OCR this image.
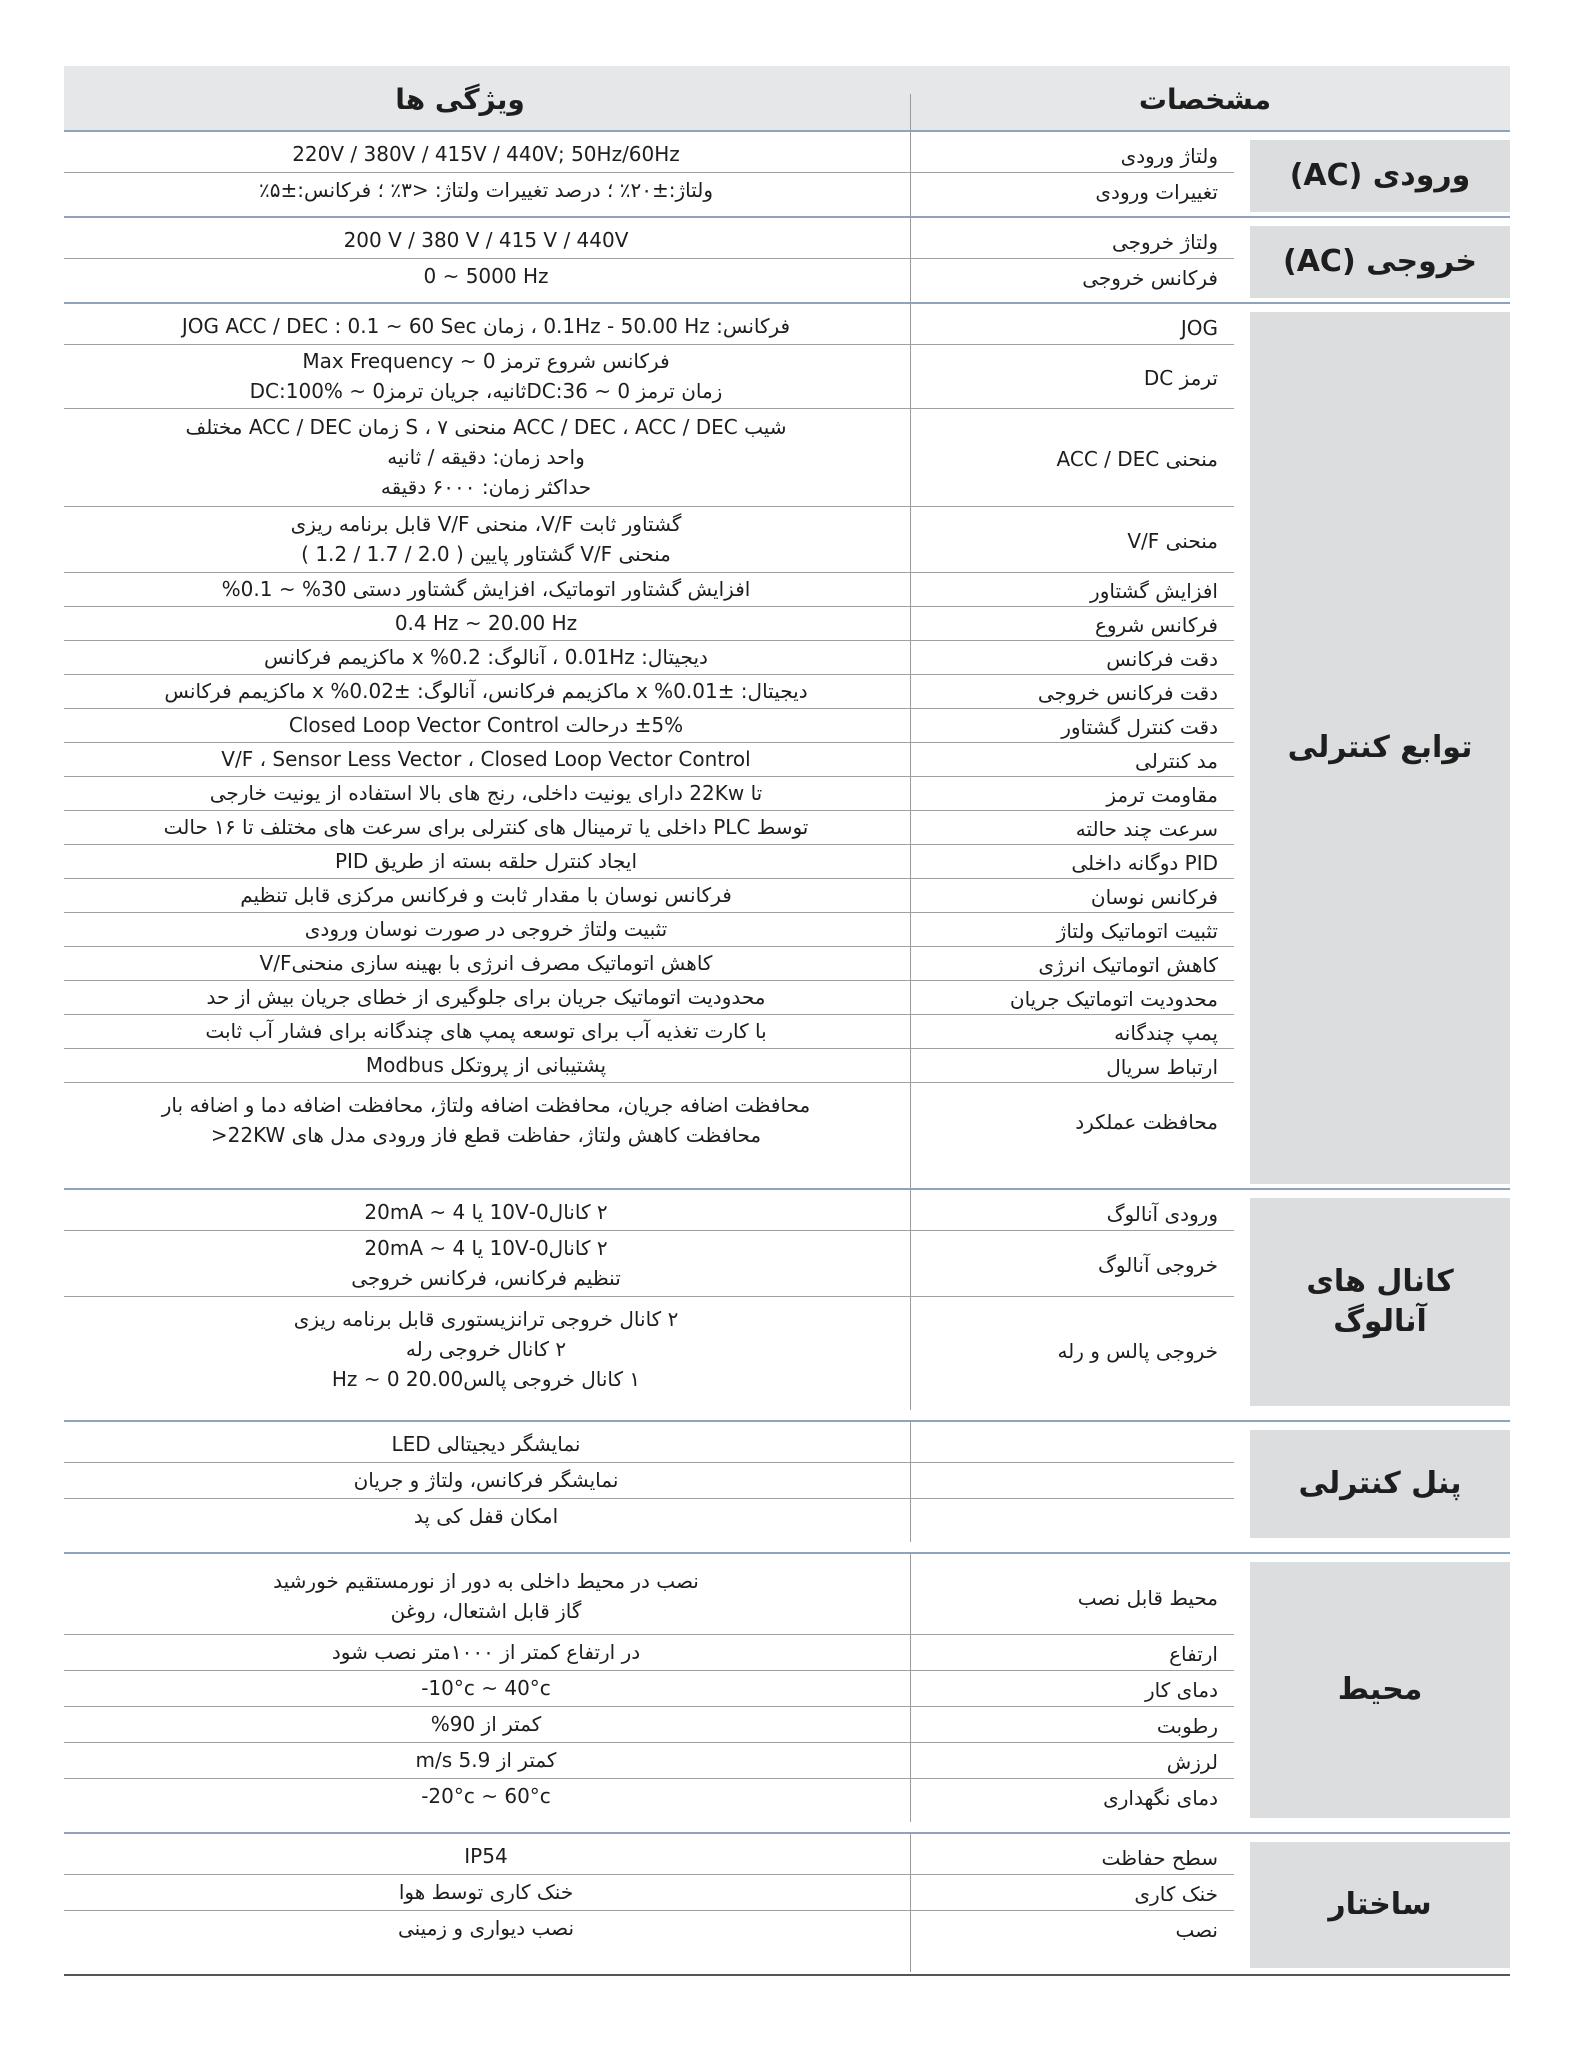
مشخصات
ویژگی ها
ورودی (AC)
ولتاژ ورودی
220V / 380V / 415V / 440V; 50Hz/60Hz
تغییرات ورودی
ولتاژ:±۲۰٪ ؛ درصد تغییرات ولتاژ: <۳٪ ؛ فرکانس:±۵٪
خروجی (AC)
ولتاژ خروجی
200 V / 380 V / 415 V / 440V
فرکانس خروجی
0 ~ 5000 Hz
توابع کنترلی
JOG
فرکانس: 0.1Hz - 50.00 Hz ، زمان JOG ACC / DEC : 0.1 ~ 60 Sec
ترمز DC
فرکانس شروع ترمز Max Frequency ~ 0
زمان ترمز DC:36 ~ 0ثانیه، جریان ترمزDC:100% ~ 0
منحنی ACC / DEC
شیب ACC / DEC ، ACC / DEC منحنی S ، ۷ زمان ACC / DEC مختلف
واحد زمان: دقیقه / ثانیه
حداکثر زمان: ۶۰۰۰ دقیقه
منحنی V/F
گشتاور ثابت V/F، منحنی V/F قابل برنامه ریزی
منحنی V/F گشتاور پایین ( 2.0 / 1.7 / 1.2 )
افزایش گشتاور
افزایش گشتاور اتوماتیک، افزایش گشتاور دستی 30% ~ 0.1%
فرکانس شروع
0.4 Hz ~ 20.00 Hz
دقت فرکانس
دیجیتال: 0.01Hz ، آنالوگ: 0.2% x ماکزیمم فرکانس
دقت فرکانس خروجی
دیجیتال: ±0.01% x ماکزیمم فرکانس، آنالوگ: ±0.02% x ماکزیمم فرکانس
دقت کنترل گشتاور
±5% درحالت Closed Loop Vector Control
مد کنترلی
V/F ، Sensor Less Vector ، Closed Loop Vector Control
مقاومت ترمز
تا 22Kw دارای یونیت داخلی، رنج های بالا استفاده از یونیت خارجی
سرعت چند حالته
توسط PLC داخلی یا ترمینال های کنترلی برای سرعت های مختلف تا ۱۶ حالت
PID دوگانه داخلی
ایجاد کنترل حلقه بسته از طریق PID
فرکانس نوسان
فرکانس نوسان با مقدار ثابت و فرکانس مرکزی قابل تنظیم
تثبیت اتوماتیک ولتاژ
تثبیت ولتاژ خروجی در صورت نوسان ورودی
کاهش اتوماتیک انرژی
کاهش اتوماتیک مصرف انرژی با بهینه سازی منحنیV/F
محدودیت اتوماتیک جریان
محدودیت اتوماتیک جریان برای جلوگیری از خطای جریان بیش از حد
پمپ چندگانه
با کارت تغذیه آب برای توسعه پمپ های چندگانه برای فشار آب ثابت
ارتباط سریال
پشتیبانی از پروتکل Modbus
محافظت عملکرد
محافظت اضافه جریان، محافظت اضافه ولتاژ، محافظت اضافه دما و اضافه بار
محافظت کاهش ولتاژ، حفاظت قطع فاز ورودی مدل های 22KW<
کانال های
آنالوگ
ورودی آنالوگ
۲ کانال0-10V یا 20mA ~ 4
خروجی آنالوگ
۲ کانال0-10V یا 20mA ~ 4
تنظیم فرکانس، فرکانس خروجی
خروجی پالس و رله
۲ کانال خروجی ترانزیستوری قابل برنامه ریزی
۲ کانال خروجی رله
۱ کانال خروجی پالس20.00 Hz ~ 0
پنل کنترلی
نمایشگر دیجیتالی LED
نمایشگر فرکانس، ولتاژ و جریان
امکان قفل کی پد
محیط
محیط قابل نصب
نصب در محیط داخلی به دور از نورمستقیم خورشید
گاز قابل اشتعال، روغن
ارتفاع
در ارتفاع کمتر از ۱۰۰۰متر نصب شود
دمای کار
-10°c ~ 40°c
رطوبت
کمتر از 90%
لرزش
کمتر از 5.9 m/s
دمای نگهداری
-20°c ~ 60°c
ساختار
سطح حفاظت
IP54
خنک کاری
خنک کاری توسط هوا
نصب
نصب دیواری و زمینی
